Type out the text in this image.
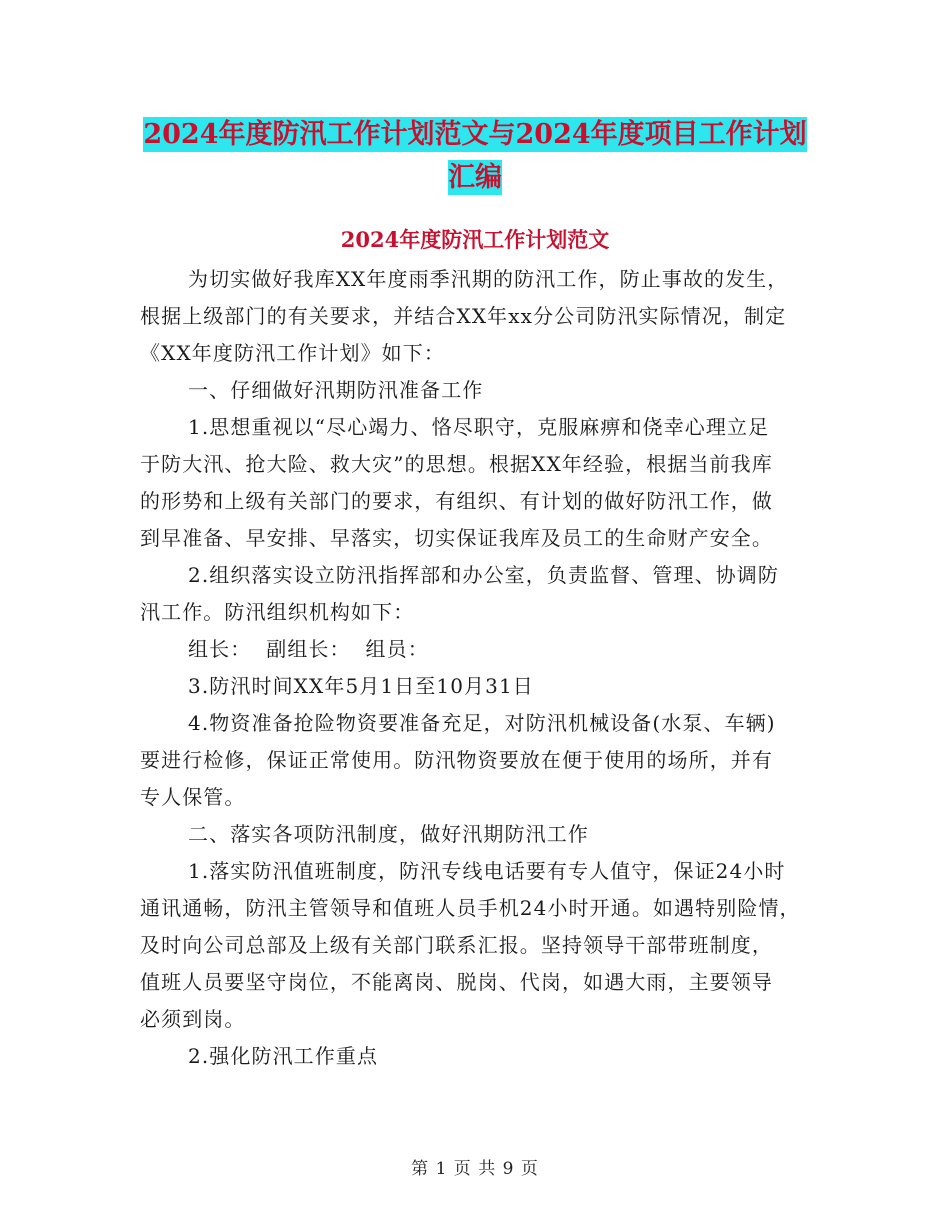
2024年度防汛工作计划范文与2024年度项目工作计划
汇编
2024年度防汛工作计划范文
为切实做好我库XX年度雨季汛期的防汛工作，防止事故的发生，
根据上级部门的有关要求，并结合XX年xx分公司防汛实际情况，制定
《XX年度防汛工作计划》如下：
一、仔细做好汛期防汛准备工作
1.思想重视以“尽心竭力、恪尽职守，克服麻痹和侥幸心理立足
于防大汛、抢大险、救大灾”的思想。根据XX年经验，根据当前我库
的形势和上级有关部门的要求，有组织、有计划的做好防汛工作，做
到早准备、早安排、早落实，切实保证我库及员工的生命财产安全。
2.组织落实设立防汛指挥部和办公室，负责监督、管理、协调防
汛工作。防汛组织机构如下：
组长：  副组长：  组员：
3.防汛时间XX年5月1日至10月31日
4.物资准备抢险物资要准备充足，对防汛机械设备(水泵、车辆)
要进行检修，保证正常使用。防汛物资要放在便于使用的场所，并有
专人保管。
二、落实各项防汛制度，做好汛期防汛工作
1.落实防汛值班制度，防汛专线电话要有专人值守，保证24小时
通讯通畅，防汛主管领导和值班人员手机24小时开通。如遇特别险情，
及时向公司总部及上级有关部门联系汇报。坚持领导干部带班制度，
值班人员要坚守岗位，不能离岗、脱岗、代岗，如遇大雨，主要领导
必须到岗。
2.强化防汛工作重点
第 1 页 共 9 页
